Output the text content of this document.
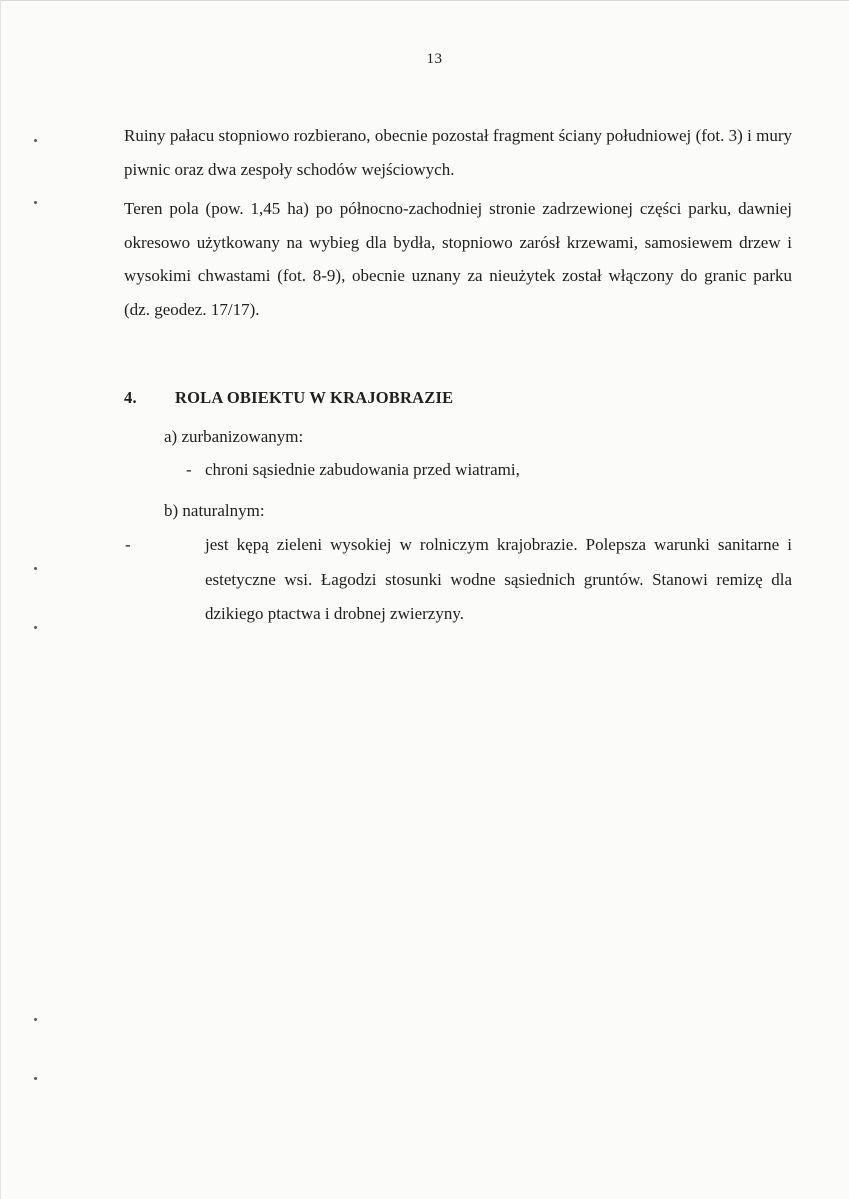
13
Ruiny pałacu stopniowo rozbierano, obecnie pozostał fragment ściany południowej (fot. 3) i mury piwnic oraz dwa zespoły schodów wejściowych.
Teren pola (pow. 1,45 ha) po północno-zachodniej stronie zadrzewionej części parku, dawniej okresowo użytkowany na wybieg dla bydła, stopniowo zarósł krzewami, samosiewem drzew i wysokimi chwastami (fot. 8-9), obecnie uznany za nieużytek został włączony do granic parku (dz. geodez. 17/17).
4. ROLA OBIEKTU W KRAJOBRAZIE
a) zurbanizowanym:
- chroni sąsiednie zabudowania przed wiatrami,
b) naturalnym:
-	jest kępą zieleni wysokiej w rolniczym krajobrazie. Polepsza warunki sanitarne i estetyczne wsi. Łagodzi stosunki wodne sąsiednich gruntów. Stanowi remizę dla dzikiego ptactwa i drobnej zwierzyny.
